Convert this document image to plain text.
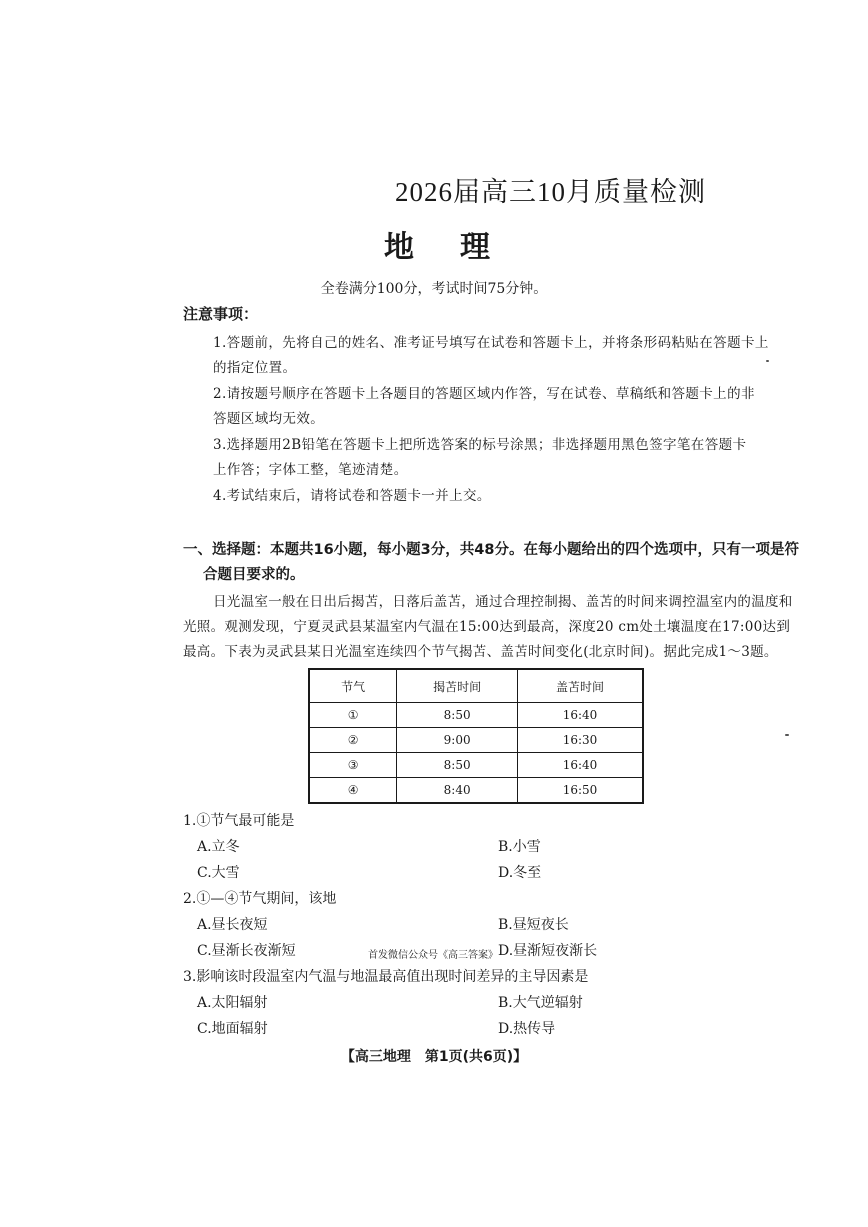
2026届高三10月质量检测
地 理
全卷满分100分，考试时间75分钟。
注意事项：
1.答题前，先将自己的姓名、准考证号填写在试卷和答题卡上，并将条形码粘贴在答题卡上
的指定位置。
2.请按题号顺序在答题卡上各题目的答题区域内作答，写在试卷、草稿纸和答题卡上的非
答题区域均无效。
3.选择题用2B铅笔在答题卡上把所选答案的标号涂黑；非选择题用黑色签字笔在答题卡
上作答；字体工整，笔迹清楚。
4.考试结束后，请将试卷和答题卡一并上交。
一、选择题：本题共16小题，每小题3分，共48分。在每小题给出的四个选项中，只有一项是符
合题目要求的。
日光温室一般在日出后揭苫，日落后盖苫，通过合理控制揭、盖苫的时间来调控温室内的温度和
光照。观测发现，宁夏灵武县某温室内气温在15:00达到最高，深度20 cm处土壤温度在17:00达到
最高。下表为灵武县某日光温室连续四个节气揭苫、盖苫时间变化(北京时间)。据此完成1～3题。
节气	揭苫时间	盖苫时间
①	8:50	16:40
②	9:00	16:30
③	8:50	16:40
④	8:40	16:50
1.①节气最可能是
A.立冬	B.小雪
C.大雪	D.冬至
2.①—④节气期间，该地
A.昼长夜短	B.昼短夜长
C.昼渐长夜渐短	D.昼渐短夜渐长
首发微信公众号《高三答案》
3.影响该时段温室内气温与地温最高值出现时间差异的主导因素是
A.太阳辐射	B.大气逆辐射
C.地面辐射	D.热传导
【高三地理　第1页(共6页)】
